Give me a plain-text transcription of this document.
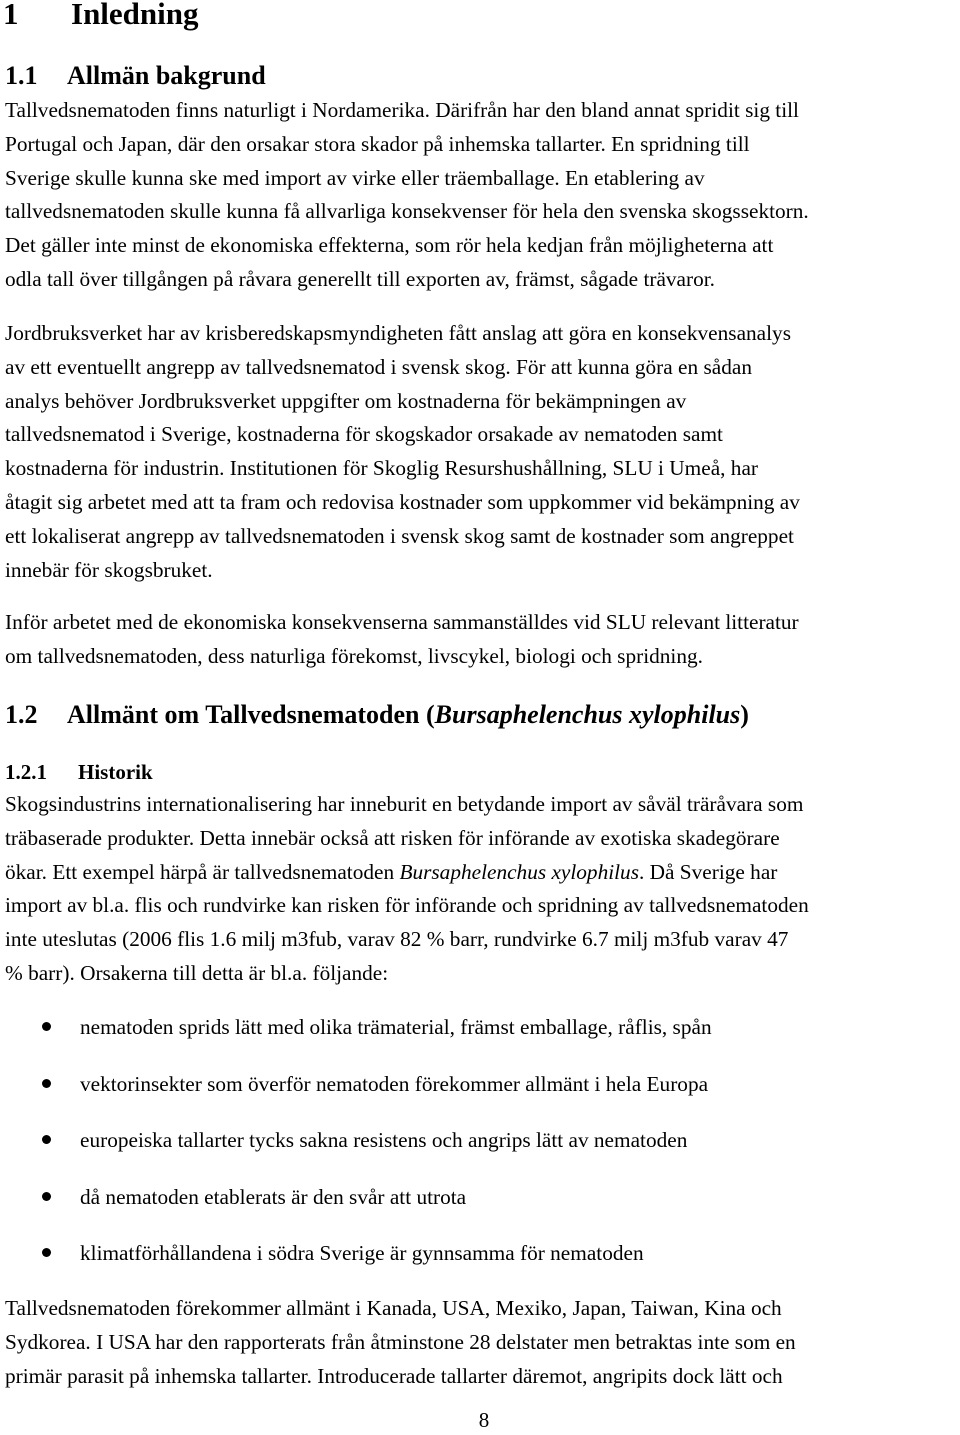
1 Inledning
1.1 Allmän bakgrund

Tallvedsnematoden finns naturligt i Nordamerika. Därifrån har den bland annat spridit sig till
Portugal och Japan, där den orsakar stora skador på inhemska tallarter. En spridning till
Sverige skulle kunna ske med import av virke eller träemballage. En etablering av
tallvedsnematoden skulle kunna få allvarliga konsekvenser för hela den svenska skogssektorn.
Det gäller inte minst de ekonomiska effekterna, som rör hela kedjan från möjligheterna att
odla tall över tillgången på råvara generellt till exporten av, främst, sågade trävaror.

Jordbruksverket har av krisberedskapsmyndigheten fått anslag att göra en konsekvensanalys
av ett eventuellt angrepp av tallvedsnematod i svensk skog. För att kunna göra en sådan
analys behöver Jordbruksverket uppgifter om kostnaderna för bekämpningen av
tallvedsnematod i Sverige, kostnaderna för skogskador orsakade av nematoden samt
kostnaderna för industrin. Institutionen för Skoglig Resurshushållning, SLU i Umeå, har
åtagit sig arbetet med att ta fram och redovisa kostnader som uppkommer vid bekämpning av
ett lokaliserat angrepp av tallvedsnematoden i svensk skog samt de kostnader som angreppet
innebär för skogsbruket.

Inför arbetet med de ekonomiska konsekvenserna sammanställdes vid SLU relevant litteratur
om tallvedsnematoden, dess naturliga förekomst, livscykel, biologi och spridning.

1.2 Allmänt om Tallvedsnematoden (Bursaphelenchus xylophilus)
1.2.1 Historik

Skogsindustrins internationalisering har inneburit en betydande import av såväl träråvara som
träbaserade produkter. Detta innebär också att risken för införande av exotiska skadegörare
ökar. Ett exempel härpå är tallvedsnematoden Bursaphelenchus xylophilus. Då Sverige har
import av bl.a. flis och rundvirke kan risken för införande och spridning av tallvedsnematoden
inte uteslutas (2006 flis 1.6 milj m3fub, varav 82 % barr, rundvirke 6.7 milj m3fub varav 47
% barr). Orsakerna till detta är bl.a. följande:

nematoden sprids lätt med olika trämaterial, främst emballage, råflis, spån
vektorinsekter som överför nematoden förekommer allmänt i hela Europa
europeiska tallarter tycks sakna resistens och angrips lätt av nematoden
då nematoden etablerats är den svår att utrota
klimatförhållandena i södra Sverige är gynnsamma för nematoden

Tallvedsnematoden förekommer allmänt i Kanada, USA, Mexiko, Japan, Taiwan, Kina och
Sydkorea. I USA har den rapporterats från åtminstone 28 delstater men betraktas inte som en
primär parasit på inhemska tallarter. Introducerade tallarter däremot, angripits dock lätt och

8
